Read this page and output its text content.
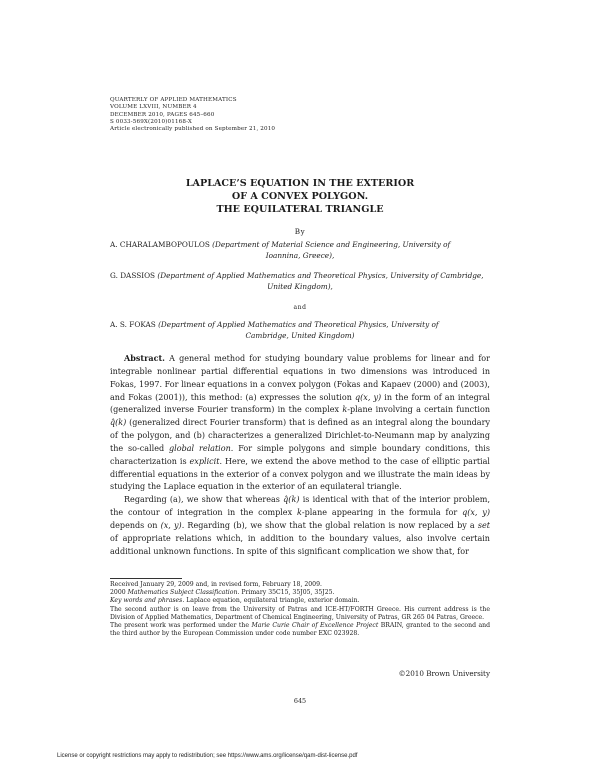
QUARTERLY OF APPLIED MATHEMATICS
VOLUME LXVIII, NUMBER 4
DECEMBER 2010, PAGES 645–660
S 0033-569X(2010)01168-X
Article electronically published on September 21, 2010
LAPLACE’S EQUATION IN THE EXTERIOR
OF A CONVEX POLYGON.
THE EQUILATERAL TRIANGLE
By
A. CHARALAMBOPOULOS (Department of Material Science and Engineering, University of
Ioannina, Greece),
G. DASSIOS (Department of Applied Mathematics and Theoretical Physics, University of Cambridge,
United Kingdom),
and
A. S. FOKAS (Department of Applied Mathematics and Theoretical Physics, University of
Cambridge, United Kingdom)

Abstract. A general method for studying boundary value problems for linear and for integrable nonlinear partial differential equations in two dimensions was introduced in Fokas, 1997. For linear equations in a convex polygon (Fokas and Kapaev (2000) and (2003), and Fokas (2001)), this method: (a) expresses the solution q(x, y) in the form of an integral (generalized inverse Fourier transform) in the complex k-plane involving a certain function q̂(k) (generalized direct Fourier transform) that is defined as an integral along the boundary of the polygon, and (b) characterizes a generalized Dirichlet-to-Neumann map by analyzing the so-called global relation. For simple polygons and simple boundary conditions, this characterization is explicit. Here, we extend the above method to the case of elliptic partial differential equations in the exterior of a convex polygon and we illustrate the main ideas by studying the Laplace equation in the exterior of an equilateral triangle.

Regarding (a), we show that whereas q̂(k) is identical with that of the interior problem, the contour of integration in the complex k-plane appearing in the formula for q(x, y) depends on (x, y). Regarding (b), we show that the global relation is now replaced by a set of appropriate relations which, in addition to the boundary values, also involve certain additional unknown functions. In spite of this significant complication we show that, for

Received January 29, 2009 and, in revised form, February 18, 2009.
2000 Mathematics Subject Classification. Primary 35C15, 35J05, 35J25.
Key words and phrases. Laplace equation, equilateral triangle, exterior domain.
The second author is on leave from the University of Patras and ICE-HT/FORTH Greece. His current address is the Division of Applied Mathematics, Department of Chemical Engineering, University of Patras, GR 265 04 Patras, Greece.
The present work was performed under the Marie Curie Chair of Excellence Project BRAIN, granted to the second and the third author by the European Commission under code number EXC 023928.
©2010 Brown University
645
License or copyright restrictions may apply to redistribution; see https://www.ams.org/license/qam-dist-license.pdf
